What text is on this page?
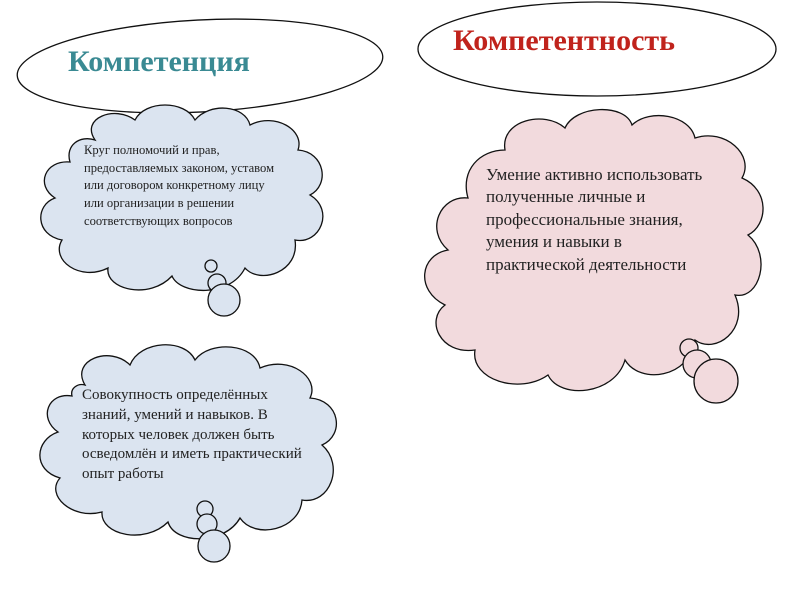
Компетенция
Компетентность
Круг полномочий и прав, предоставляемых законом, уставом или договором конкретному лицу или организации в решении соответствующих вопросов
Умение активно использовать полученные личные и профессиональные знания, умения и навыки в практической деятельности
Совокупность определённых знаний, умений и навыков. В которых человек должен быть осведомлён и иметь практический опыт работы
